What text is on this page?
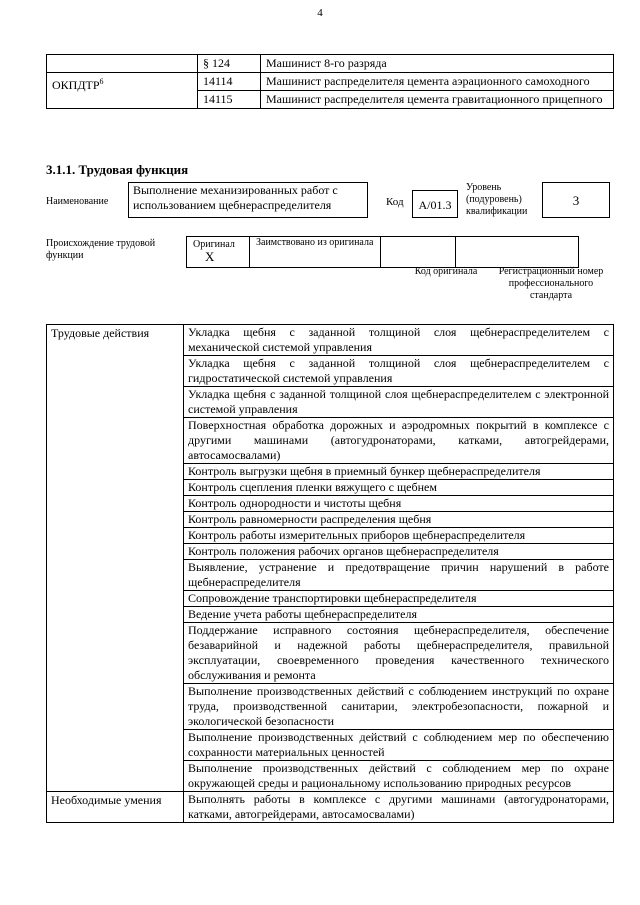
4
	§ 124	Машинист 8-го разряда
ОКПДТР$^6$	14114	Машинист распределителя цемента аэрационного самоходного
	14115	Машинист распределителя цемента гравитационного прицепного
3.1.1. Трудовая функция
Наименование
Выполнение механизированных работ с использованием щебнераспределителя	Код	А/01.3
Уровень (подуровень) квалификации
3
Происхождение трудовой функции
Оригинал X	Заимствовано из оригинала		
Код оригинала Регистрационный номер профессионального стандарта
Трудовые действия	Укладка щебня с заданной толщиной слоя щебнераспределителем с механической системой управления
	Укладка щебня с заданной толщиной слоя щебнераспределителем с гидростатической системой управления
	Укладка щебня с заданной толщиной слоя щебнераспределителем с электронной системой управления
	Поверхностная обработка дорожных и аэродромных покрытий в комплексе с другими машинами (автогудронаторами, катками, автогрейдерами, автосамосвалами)
	Контроль выгрузки щебня в приемный бункер щебнераспределителя
	Контроль сцепления пленки вяжущего с щебнем
	Контроль однородности и чистоты щебня
	Контроль равномерности распределения щебня
	Контроль работы измерительных приборов щебнераспределителя
	Контроль положения рабочих органов щебнераспределителя
	Выявление, устранение и предотвращение причин нарушений в работе щебнераспределителя
	Сопровождение транспортировки щебнераспределителя
	Ведение учета работы щебнераспределителя
	Поддержание исправного состояния щебнераспределителя, обеспечение безаварийной и надежной работы щебнераспределителя, правильной эксплуатации, своевременного проведения качественного технического обслуживания и ремонта
	Выполнение производственных действий с соблюдением инструкций по охране труда, производственной санитарии, электробезопасности, пожарной и экологической безопасности
	Выполнение производственных действий с соблюдением мер по обеспечению сохранности материальных ценностей
	Выполнение производственных действий с соблюдением мер по охране окружающей среды и рациональному использованию природных ресурсов
Необходимые умения	Выполнять работы в комплексе с другими машинами (автогудронаторами, катками, автогрейдерами, автосамосвалами)
